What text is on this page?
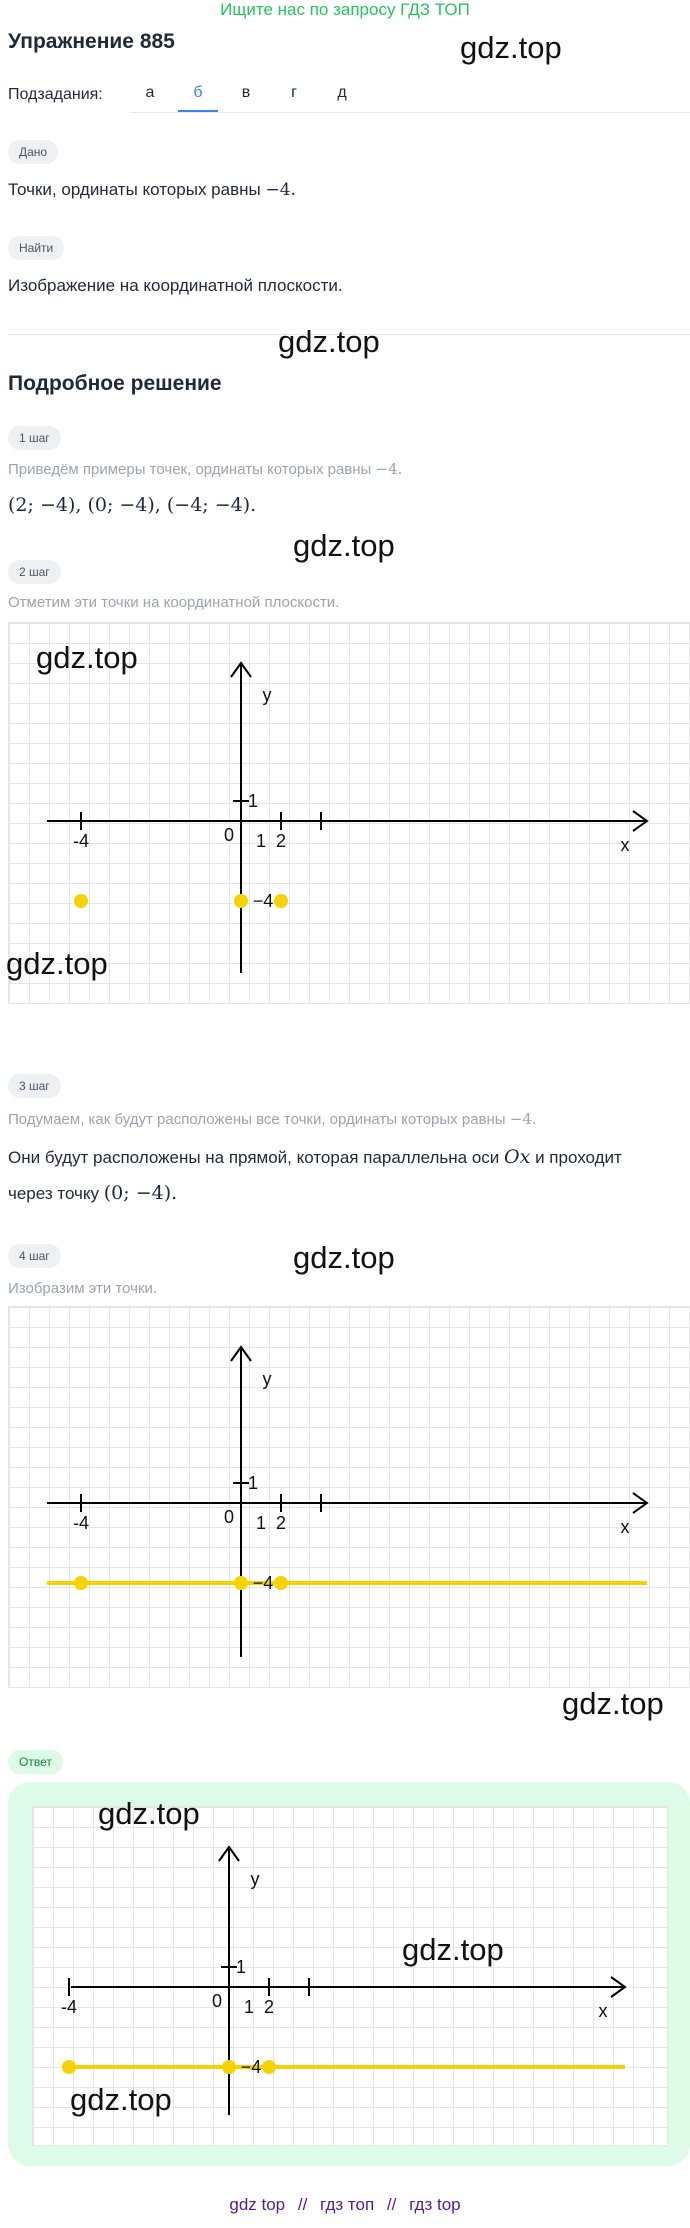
Ищите нас по запросу ГДЗ ТОП
Упражнение 885	gdz.top
Подзадания:	а	б	в	г	д
Дано
Точки, ординаты которых равны −4.
Найти
Изображение на координатной плоскости.
gdz.top
Подробное решение
1 шаг
Приведём примеры точек, ординаты которых равны −4.
(2; −4), (0; −4), (−4; −4).
gdz.top
2 шаг
Отметим эти точки на координатной плоскости.
-4	1 2
0
1
x
y
−4
gdz.top
gdz.top
3 шаг
Подумаем, как будут расположены все точки, ординаты которых равны −4.
Они будут расположены на прямой, которая параллельна оси Ox и проходит
через точку (0; −4).
gdz.top
4 шаг
Изобразим эти точки.
-4	1 2
0
1
x
y
−4
gdz.top
Ответ
-4	1 2
0
1
x
y
−4
gdz.top
gdz.top
gdz.top
gdz top // гдз топ // гдз top
